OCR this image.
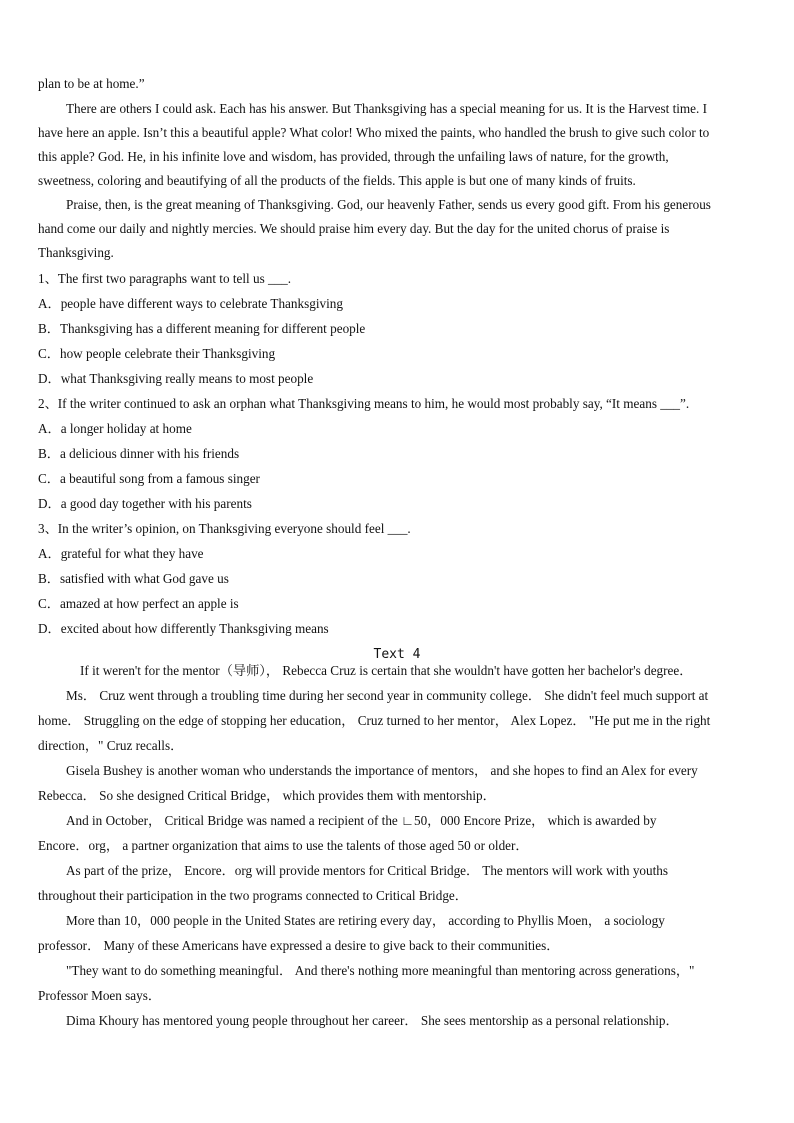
plan to be at home.”
There are others I could ask. Each has his answer. But Thanksgiving has a special meaning for us. It is the Harvest time. I
have here an apple. Isn’t this a beautiful apple? What color! Who mixed the paints, who handled the brush to give such color to
this apple? God. He, in his infinite love and wisdom, has provided, through the unfailing laws of nature, for the growth,
sweetness, coloring and beautifying of all the products of the fields. This apple is but one of many kinds of fruits.
Praise, then, is the great meaning of Thanksgiving. God, our heavenly Father, sends us every good gift. From his generous
hand come our daily and nightly mercies. We should praise him every day. But the day for the united chorus of praise is
Thanksgiving.
1、The first two paragraphs want to tell us ___.
A．people have different ways to celebrate Thanksgiving
B．Thanksgiving has a different meaning for different people
C．how people celebrate their Thanksgiving
D．what Thanksgiving really means to most people
2、If the writer continued to ask an orphan what Thanksgiving means to him, he would most probably say, “It means ___”.
A．a longer holiday at home
B．a delicious dinner with his friends
C．a beautiful song from a famous singer
D．a good day together with his parents
3、In the writer’s opinion, on Thanksgiving everyone should feel ___.
A．grateful for what they have
B．satisfied with what God gave us
C．amazed at how perfect an apple is
D．excited about how differently Thanksgiving means
Text 4
If it weren't for the mentor（导师）， Rebecca Cruz is certain that she wouldn't have gotten her bachelor's degree．
Ms． Cruz went through a troubling time during her second year in community college． She didn't feel much support at
home． Struggling on the edge of stopping her education， Cruz turned to her mentor， Alex Lopez． "He put me in the right
direction，" Cruz recalls．
Gisela Bushey is another woman who understands the importance of mentors， and she hopes to find an Alex for every
Rebecca． So she designed Critical Bridge， which provides them with mentorship．
And in October， Critical Bridge was named a recipient of the ∟50，000 Encore Prize， which is awarded by
Encore．org， a partner organization that aims to use the talents of those aged 50 or older．
As part of the prize， Encore．org will provide mentors for Critical Bridge． The mentors will work with youths
throughout their participation in the two programs connected to Critical Bridge．
More than 10，000 people in the United States are retiring every day， according to Phyllis Moen， a sociology
professor． Many of these Americans have expressed a desire to give back to their communities．
"They want to do something meaningful． And there's nothing more meaningful than mentoring across generations，"
Professor Moen says．
Dima Khoury has mentored young people throughout her career． She sees mentorship as a personal relationship．
